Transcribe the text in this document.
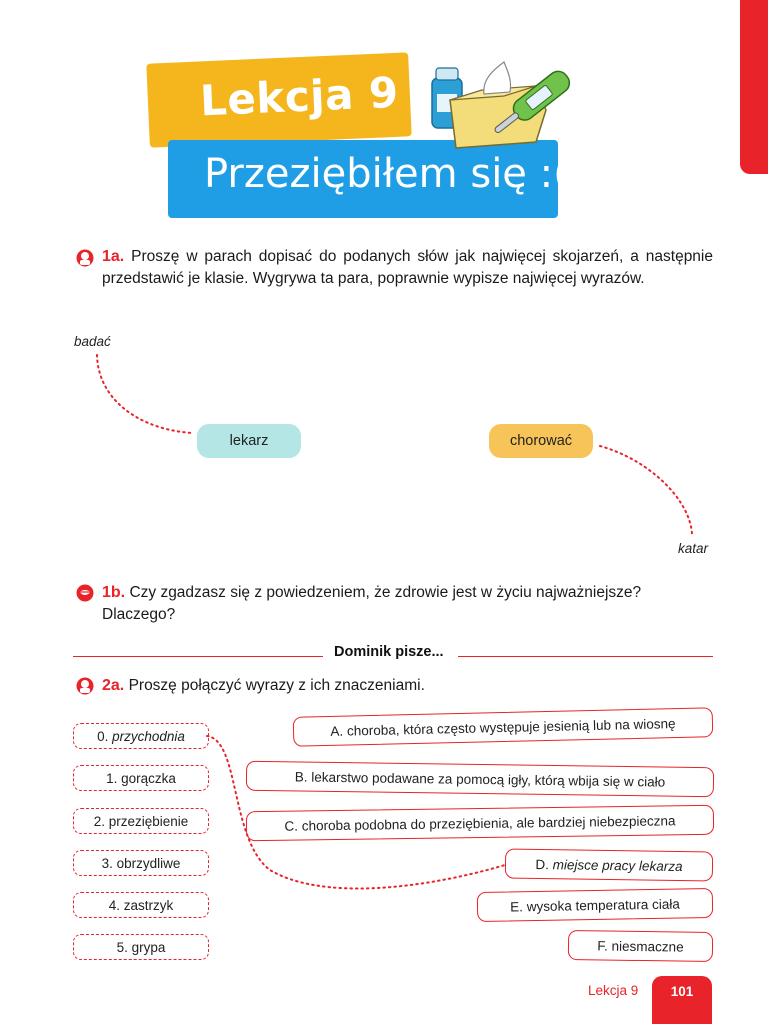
Lekcja 9
Przeziębiłem się :(
1a. Proszę w parach dopisać do podanych słów jak najwięcej skojarzeń, a następnie przedstawić je klasie. Wygrywa ta para, poprawnie wypisze najwięcej wyrazów.
badać
lekarz	chorować
katar
1b. Czy zgadzasz się z powiedzeniem, że zdrowie jest w życiu najważniejsze? Dlaczego?
Dominik pisze...
2a. Proszę połączyć wyrazy z ich znaczeniami.
0.
przychodnia
1.
gorączka
2.
przeziębienie
3.
obrzydliwe
4.
zastrzyk
5.
grypa
A.
choroba, która często występuje jesienią lub na wiosnę
B.
lekarstwo podawane za pomocą igły, którą wbija się w ciało
C.
choroba podobna do przeziębienia, ale bardziej niebezpieczna
D.
miejsce pracy lekarza
E.
wysoka temperatura ciała
F.
niesmaczne
Lekcja 9 101
